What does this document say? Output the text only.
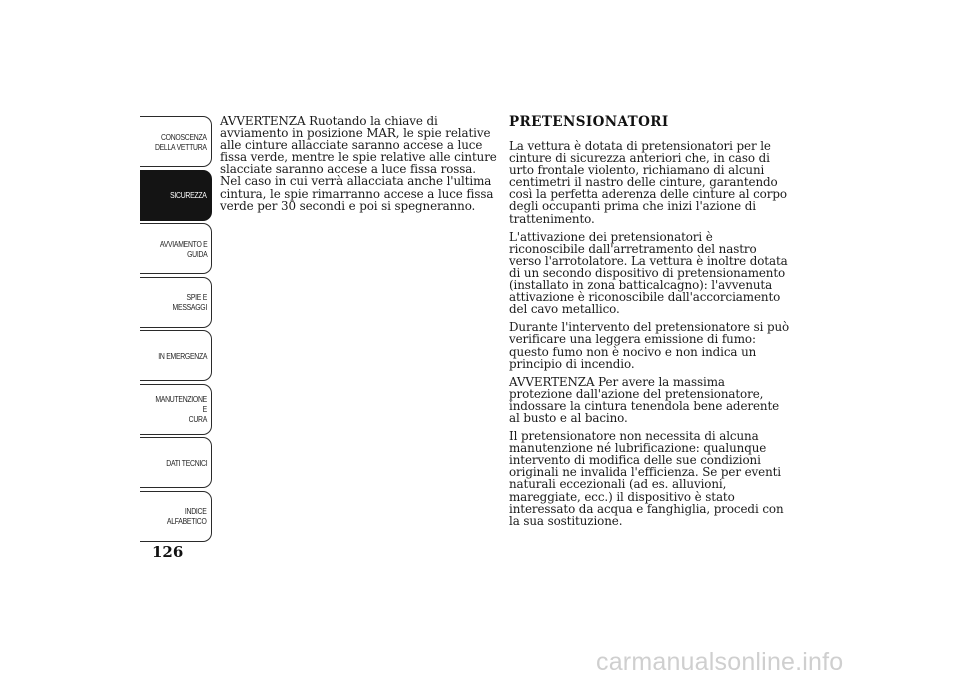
CONOSCENZA
DELLA VETTURA
SICUREZZA
AVVIAMENTO E
GUIDA
SPIE E MESSAGGI
IN EMERGENZA
MANUTENZIONE E
CURA
DATI TECNICI
INDICE
ALFABETICO
126

AVVERTENZA Ruotando la chiave di avviamento in posizione MAR, le spie relative alle cinture allacciate saranno accese a luce fissa verde, mentre le spie relative alle cinture slacciate saranno accese a luce fissa rossa. Nel caso in cui verrà allacciata anche l'ultima cintura, le spie rimarranno accese a luce fissa verde per 30 secondi e poi si spegneranno.

PRETENSIONATORI

La vettura è dotata di pretensionatori per le cinture di sicurezza anteriori che, in caso di urto frontale violento, richiamano di alcuni centimetri il nastro delle cinture, garantendo così la perfetta aderenza delle cinture al corpo degli occupanti prima che inizi l'azione di trattenimento.

L'attivazione dei pretensionatori è riconoscibile dall'arretramento del nastro verso l'arrotolatore. La vettura è inoltre dotata di un secondo dispositivo di pretensionamento (installato in zona batticalcagno): l'avvenuta attivazione è riconoscibile dall'accorciamento del cavo metallico.

Durante l'intervento del pretensionatore si può verificare una leggera emissione di fumo: questo fumo non è nocivo e non indica un principio di incendio.

AVVERTENZA Per avere la massima protezione dall'azione del pretensionatore, indossare la cintura tenendola bene aderente al busto e al bacino.

Il pretensionatore non necessita di alcuna manutenzione né lubrificazione: qualunque intervento di modifica delle sue condizioni originali ne invalida l'efficienza. Se per eventi naturali eccezionali (ad es. alluvioni, mareggiate, ecc.) il dispositivo è stato interessato da acqua e fanghiglia, procedi con la sua sostituzione.

carmanualsonline.info
